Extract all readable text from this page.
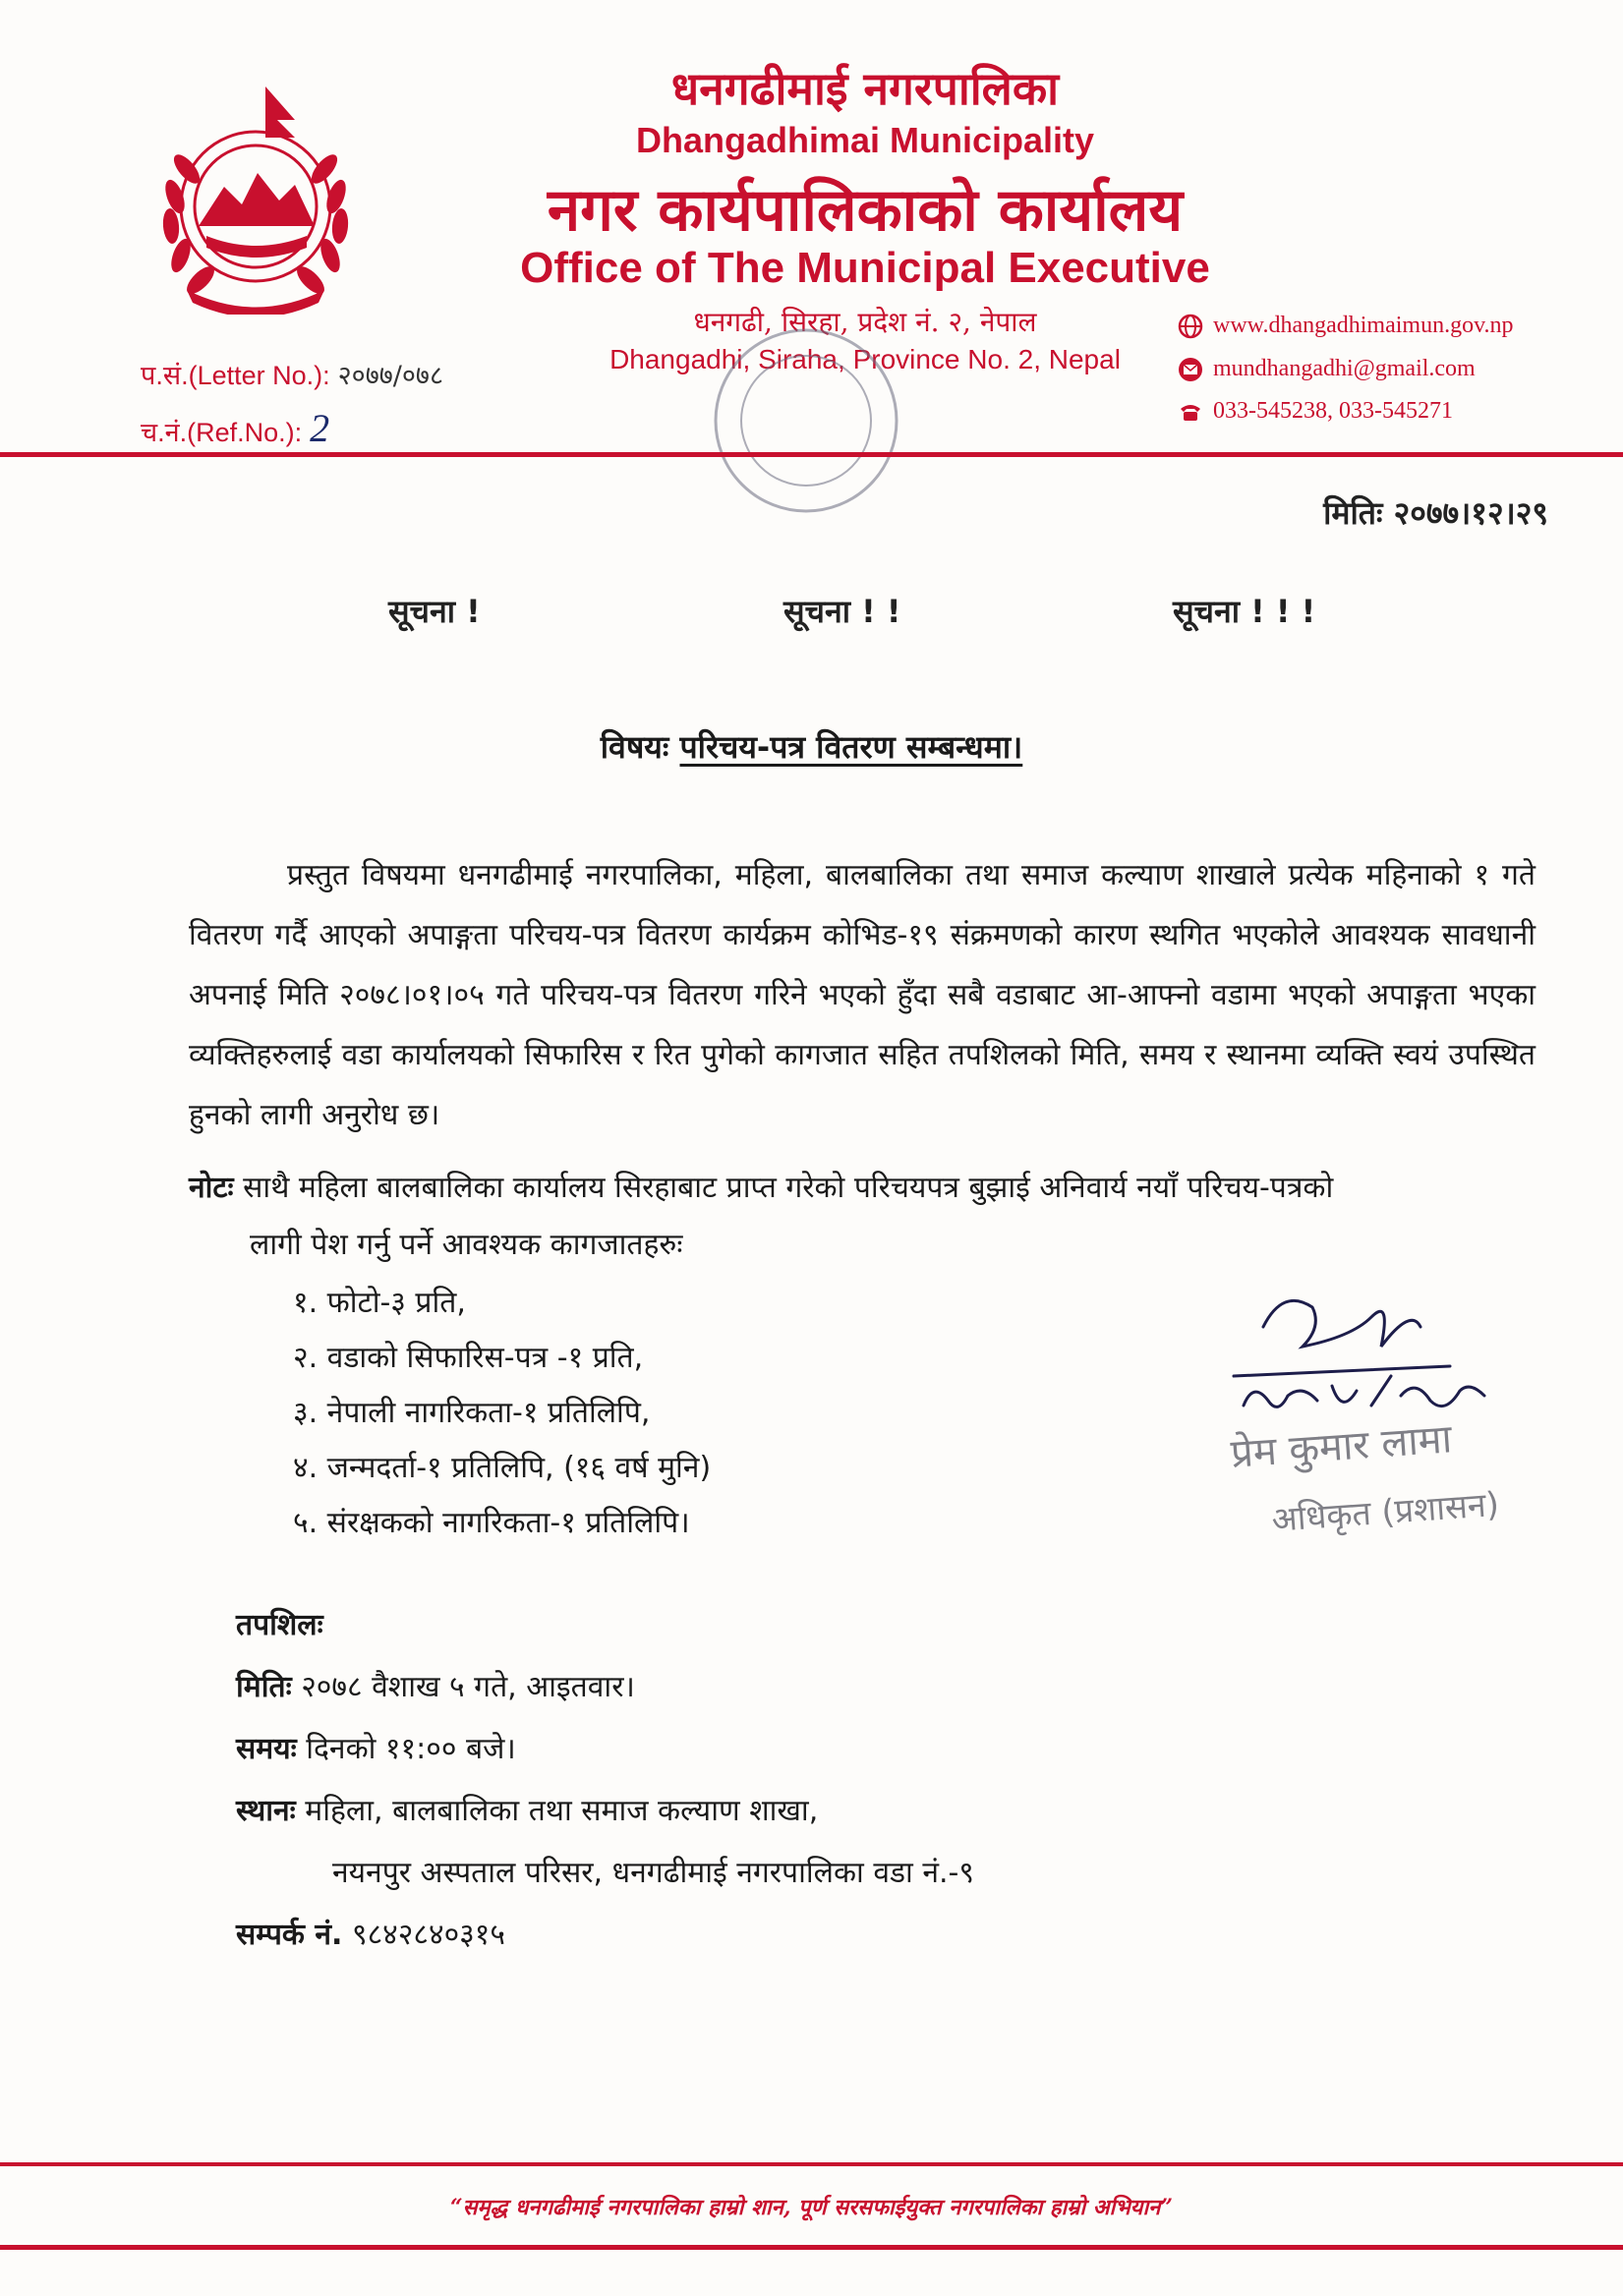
धनगढीमाई नगरपालिका
Dhangadhimai Municipality
नगर कार्यपालिकाको कार्यालय
Office of The Municipal Executive
धनगढी, सिरहा, प्रदेश नं. २, नेपाल
Dhangadhi, Siraha, Province No. 2, Nepal
www.dhangadhimaimun.gov.np
mundhangadhi@gmail.com
033-545238, 033-545271
प.सं.(Letter No.): २०७७/०७८
च.नं.(Ref.No.): 2
मितिः २०७७।१२।२९
सूचना !	सूचना ! !	सूचना ! ! !
विषयः परिचय-पत्र वितरण सम्बन्धमा।

प्रस्तुत विषयमा धनगढीमाई नगरपालिका, महिला, बालबालिका तथा समाज कल्याण शाखाले प्रत्येक महिनाको १ गते वितरण गर्दै आएको अपाङ्गता परिचय-पत्र वितरण कार्यक्रम कोभिड-१९ संक्रमणको कारण स्थगित भएकोले आवश्यक सावधानी अपनाई मिति २०७८।०१।०५ गते परिचय-पत्र वितरण गरिने भएको हुँदा सबै वडाबाट आ-आफ्नो वडामा भएको अपाङ्गता भएका व्यक्तिहरुलाई वडा कार्यालयको सिफारिस र रित पुगेको कागजात सहित तपशिलको मिति, समय र स्थानमा व्यक्ति स्वयं उपस्थित हुनको लागी अनुरोध छ।

नोटः साथै महिला बालबालिका कार्यालय सिरहाबाट प्राप्त गरेको परिचयपत्र बुझाई अनिवार्य नयाँ परिचय-पत्रको
लागी पेश गर्नु पर्ने आवश्यक कागजातहरुः
१. फोटो-३ प्रति,
२. वडाको सिफारिस-पत्र -१ प्रति,
३. नेपाली नागरिकता-१ प्रतिलिपि,
४. जन्मदर्ता-१ प्रतिलिपि, (१६ वर्ष मुनि)
५. संरक्षकको नागरिकता-१ प्रतिलिपि।
प्रेम कुमार लामा
अधिकृत (प्रशासन)
तपशिलः
मितिः २०७८ वैशाख ५ गते, आइतवार।
समयः दिनको ११:०० बजे।
स्थानः महिला, बालबालिका तथा समाज कल्याण शाखा,
नयनपुर अस्पताल परिसर, धनगढीमाई नगरपालिका वडा नं.-९
सम्पर्क नं. ९८४२८४०३१५
“समृद्ध धनगढीमाई नगरपालिका हाम्रो शान, पूर्ण सरसफाईयुक्त नगरपालिका हाम्रो अभियान”
